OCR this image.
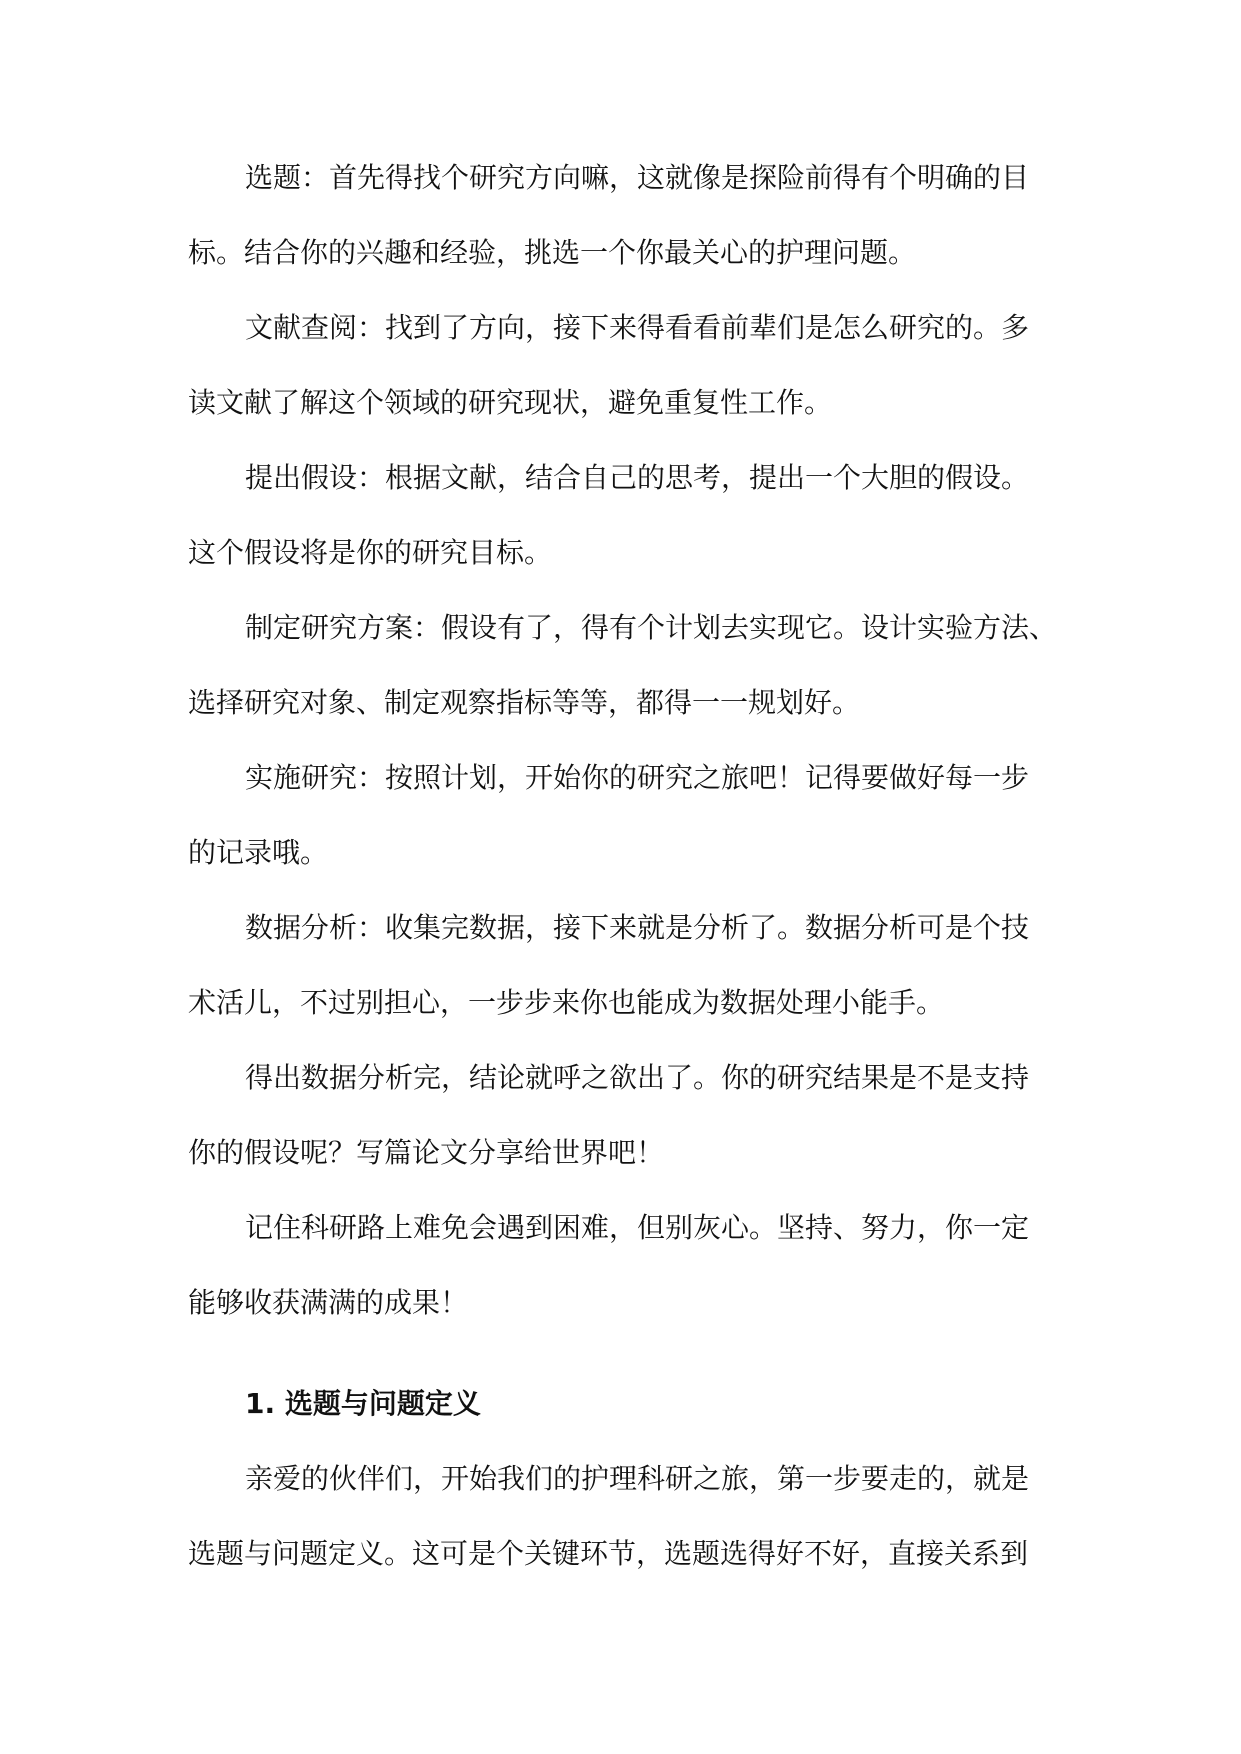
选题：首先得找个研究方向嘛，这就像是探险前得有个明确的目
标。结合你的兴趣和经验，挑选一个你最关心的护理问题。
文献查阅：找到了方向，接下来得看看前辈们是怎么研究的。多
读文献了解这个领域的研究现状，避免重复性工作。
提出假设：根据文献，结合自己的思考，提出一个大胆的假设。
这个假设将是你的研究目标。
制定研究方案：假设有了，得有个计划去实现它。设计实验方法、
选择研究对象、制定观察指标等等，都得一一规划好。
实施研究：按照计划，开始你的研究之旅吧！记得要做好每一步
的记录哦。
数据分析：收集完数据，接下来就是分析了。数据分析可是个技
术活儿，不过别担心，一步步来你也能成为数据处理小能手。
得出数据分析完，结论就呼之欲出了。你的研究结果是不是支持
你的假设呢？写篇论文分享给世界吧！
记住科研路上难免会遇到困难，但别灰心。坚持、努力，你一定
能够收获满满的成果！
1. 选题与问题定义
亲爱的伙伴们，开始我们的护理科研之旅，第一步要走的，就是
选题与问题定义。这可是个关键环节，选题选得好不好，直接关系到
